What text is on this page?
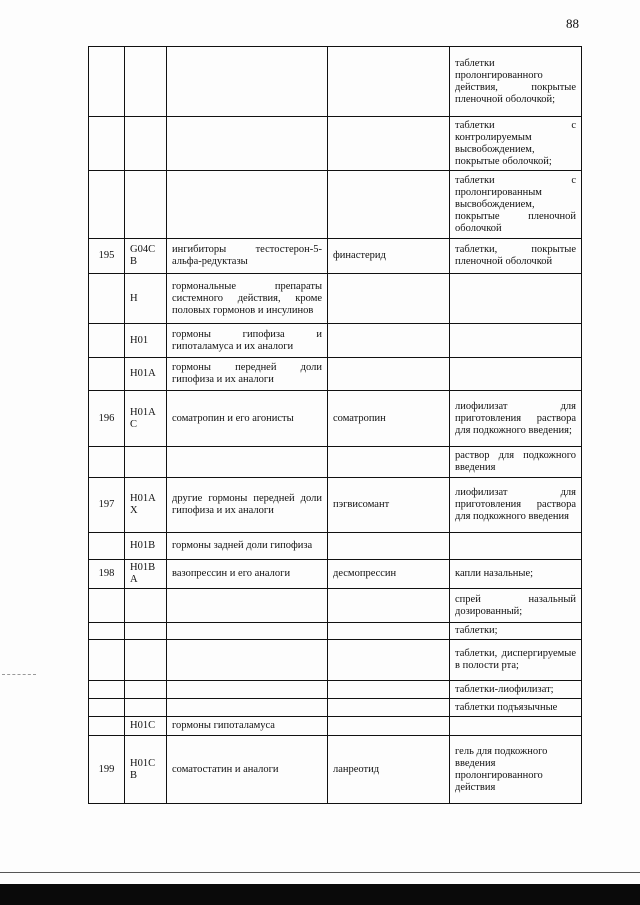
88
				таблетки пролонгированного действия, покрытые пленочной оболочкой;
				таблетки с контролируемым высвобождением, покрытые оболочкой;
				таблетки с пролонгированным высвобождением, покрытые пленочной оболочкой
195	G04C B	ингибиторы тестостерон-5-альфа-редуктазы	финастерид	таблетки, покрытые пленочной оболочкой
	H	гормональные препараты системного действия, кроме половых гормонов и инсулинов		
	H01	гормоны гипофиза и гипоталамуса и их аналоги		
	H01A	гормоны передней доли гипофиза и их аналоги		
196	H01A C	соматропин и его агонисты	соматропин	лиофилизат для приготовления раствора для подкожного введения;
				раствор для подкожного введения
197	H01A X	другие гормоны передней доли гипофиза и их аналоги	пэгвисомант	лиофилизат для приготовления раствора для подкожного введения
	H01B	гормоны задней доли гипофиза		
198	H01B A	вазопрессин и его аналоги	десмопрессин	капли назальные;
				спрей назальный дозированный;
				таблетки;
				таблетки, диспергируемые в полости рта;
				таблетки-лиофилизат;
				таблетки подъязычные
	H01C	гормоны гипоталамуса		
199	H01C B	соматостатин и аналоги	ланреотид	гель для подкожного введения пролонгированного действия
